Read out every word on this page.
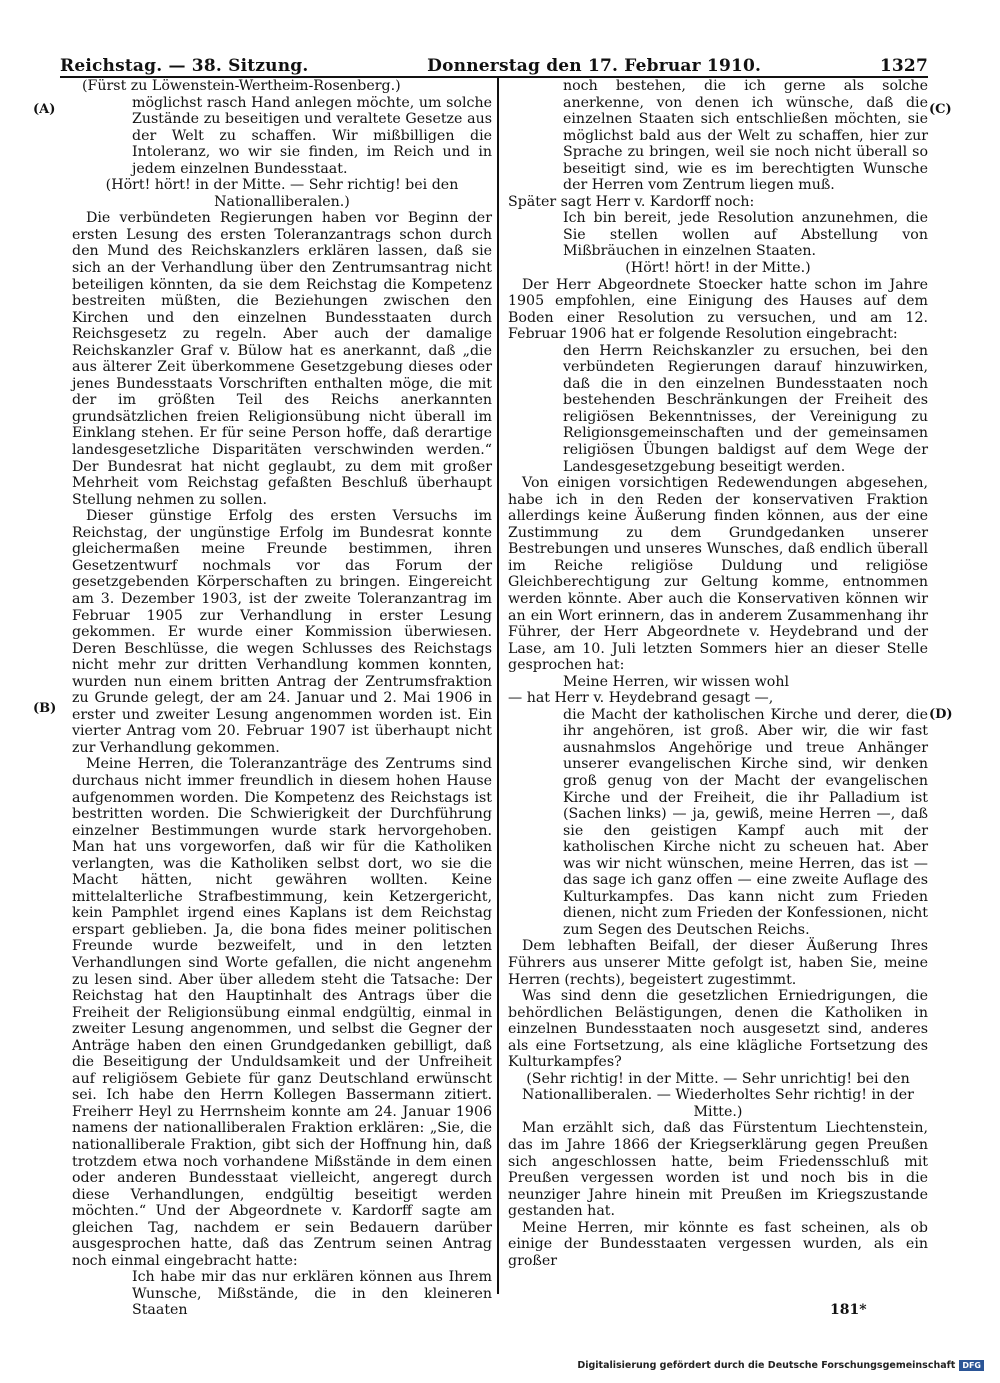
Reichstag. — 38. Sitzung.	Donnerstag den 17. Februar 1910.	1327
(A)
(B)
(C)
(D)

(Fürst zu Löwenstein-Wertheim-Rosenberg.)

möglichst rasch Hand anlegen möchte, um solche Zustände zu beseitigen und veraltete Gesetze aus der Welt zu schaffen. Wir mißbilligen die Intoleranz, wo wir sie finden, im Reich und in jedem einzelnen Bundesstaat.

(Hört! hört! in der Mitte. — Sehr richtig! bei den Nationalliberalen.)

Die verbündeten Regierungen haben vor Beginn der ersten Lesung des ersten Toleranzantrags schon durch den Mund des Reichskanzlers erklären lassen, daß sie sich an der Verhandlung über den Zentrumsantrag nicht beteiligen könnten, da sie dem Reichstag die Kompetenz bestreiten müßten, die Beziehungen zwischen den Kirchen und den einzelnen Bundesstaaten durch Reichsgesetz zu regeln. Aber auch der damalige Reichskanzler Graf v. Bülow hat es anerkannt, daß „die aus älterer Zeit überkommene Gesetzgebung dieses oder jenes Bundesstaats Vorschriften enthalten möge, die mit der im größten Teil des Reichs anerkannten grundsätzlichen freien Religionsübung nicht überall im Einklang stehen. Er für seine Person hoffe, daß derartige landesgesetzliche Disparitäten verschwinden werden.“ Der Bundesrat hat nicht geglaubt, zu dem mit großer Mehrheit vom Reichstag gefaßten Beschluß überhaupt Stellung nehmen zu sollen.

Dieser günstige Erfolg des ersten Versuchs im Reichstag, der ungünstige Erfolg im Bundesrat konnte gleichermaßen meine Freunde bestimmen, ihren Gesetzentwurf nochmals vor das Forum der gesetzgebenden Körperschaften zu bringen. Eingereicht am 3. Dezember 1903, ist der zweite Toleranzantrag im Februar 1905 zur Verhandlung in erster Lesung gekommen. Er wurde einer Kommission überwiesen. Deren Beschlüsse, die wegen Schlusses des Reichstags nicht mehr zur dritten Verhandlung kommen konnten, wurden nun einem britten Antrag der Zentrumsfraktion zu Grunde gelegt, der am 24. Januar und 2. Mai 1906 in erster und zweiter Lesung angenommen worden ist. Ein vierter Antrag vom 20. Februar 1907 ist überhaupt nicht zur Verhandlung gekommen.

Meine Herren, die Toleranzanträge des Zentrums sind durchaus nicht immer freundlich in diesem hohen Hause aufgenommen worden. Die Kompetenz des Reichstags ist bestritten worden. Die Schwierigkeit der Durchführung einzelner Bestimmungen wurde stark hervorgehoben. Man hat uns vorgeworfen, daß wir für die Katholiken verlangten, was die Katholiken selbst dort, wo sie die Macht hätten, nicht gewähren wollten. Keine mittelalterliche Strafbestimmung, kein Ketzergericht, kein Pamphlet irgend eines Kaplans ist dem Reichstag erspart geblieben. Ja, die bona fides meiner politischen Freunde wurde bezweifelt, und in den letzten Verhandlungen sind Worte gefallen, die nicht angenehm zu lesen sind. Aber über alledem steht die Tatsache: Der Reichstag hat den Hauptinhalt des Antrags über die Freiheit der Religionsübung einmal endgültig, einmal in zweiter Lesung angenommen, und selbst die Gegner der Anträge haben den einen Grundgedanken gebilligt, daß die Beseitigung der Unduldsamkeit und der Unfreiheit auf religiösem Gebiete für ganz Deutschland erwünscht sei. Ich habe den Herrn Kollegen Bassermann zitiert. Freiherr Heyl zu Herrnsheim konnte am 24. Januar 1906 namens der nationalliberalen Fraktion erklären: „Sie, die nationalliberale Fraktion, gibt sich der Hoffnung hin, daß trotzdem etwa noch vorhandene Mißstände in dem einen oder anderen Bundesstaat vielleicht, angeregt durch diese Verhandlungen, endgültig beseitigt werden möchten.“ Und der Abgeordnete v. Kardorff sagte am gleichen Tag, nachdem er sein Bedauern darüber ausgesprochen hatte, daß das Zentrum seinen Antrag noch einmal eingebracht hatte:

Ich habe mir das nur erklären können aus Ihrem Wunsche, Mißstände, die in den kleineren Staaten

noch bestehen, die ich gerne als solche anerkenne, von denen ich wünsche, daß die einzelnen Staaten sich entschließen möchten, sie möglichst bald aus der Welt zu schaffen, hier zur Sprache zu bringen, weil sie noch nicht überall so beseitigt sind, wie es im berechtigten Wunsche der Herren vom Zentrum liegen muß.

Später sagt Herr v. Kardorff noch:

Ich bin bereit, jede Resolution anzunehmen, die Sie stellen wollen auf Abstellung von Mißbräuchen in einzelnen Staaten.

(Hört! hört! in der Mitte.)

Der Herr Abgeordnete Stoecker hatte schon im Jahre 1905 empfohlen, eine Einigung des Hauses auf dem Boden einer Resolution zu versuchen, und am 12. Februar 1906 hat er folgende Resolution eingebracht:

den Herrn Reichskanzler zu ersuchen, bei den verbündeten Regierungen darauf hinzuwirken, daß die in den einzelnen Bundesstaaten noch bestehenden Beschränkungen der Freiheit des religiösen Bekenntnisses, der Vereinigung zu Religionsgemeinschaften und der gemeinsamen religiösen Übungen baldigst auf dem Wege der Landesgesetzgebung beseitigt werden.

Von einigen vorsichtigen Redewendungen abgesehen, habe ich in den Reden der konservativen Fraktion allerdings keine Äußerung finden können, aus der eine Zustimmung zu dem Grundgedanken unserer Bestrebungen und unseres Wunsches, daß endlich überall im Reiche religiöse Duldung und religiöse Gleichberechtigung zur Geltung komme, entnommen werden könnte. Aber auch die Konservativen können wir an ein Wort erinnern, das in anderem Zusammenhang ihr Führer, der Herr Abgeordnete v. Heydebrand und der Lase, am 10. Juli letzten Sommers hier an dieser Stelle gesprochen hat:

Meine Herren, wir wissen wohl

— hat Herr v. Heydebrand gesagt —,

die Macht der katholischen Kirche und derer, die ihr angehören, ist groß. Aber wir, die wir fast ausnahmslos Angehörige und treue Anhänger unserer evangelischen Kirche sind, wir denken groß genug von der Macht der evangelischen Kirche und der Freiheit, die ihr Palladium ist (Sachen links) — ja, gewiß, meine Herren —, daß sie den geistigen Kampf auch mit der katholischen Kirche nicht zu scheuen hat. Aber was wir nicht wünschen, meine Herren, das ist — das sage ich ganz offen — eine zweite Auflage des Kulturkampfes. Das kann nicht zum Frieden dienen, nicht zum Frieden der Konfessionen, nicht zum Segen des Deutschen Reichs.

Dem lebhaften Beifall, der dieser Äußerung Ihres Führers aus unserer Mitte gefolgt ist, haben Sie, meine Herren (rechts), begeistert zugestimmt.

Was sind denn die gesetzlichen Erniedrigungen, die behördlichen Belästigungen, denen die Katholiken in einzelnen Bundesstaaten noch ausgesetzt sind, anderes als eine Fortsetzung, als eine klägliche Fortsetzung des Kulturkampfes?

(Sehr richtig! in der Mitte. — Sehr unrichtig! bei den Nationalliberalen. — Wiederholtes Sehr richtig! in der Mitte.)

Man erzählt sich, daß das Fürstentum Liechtenstein, das im Jahre 1866 der Kriegserklärung gegen Preußen sich angeschlossen hatte, beim Friedensschluß mit Preußen vergessen worden ist und noch bis in die neunziger Jahre hinein mit Preußen im Kriegszustande gestanden hat.

Meine Herren, mir könnte es fast scheinen, als ob einige der Bundesstaaten vergessen wurden, als ein großer

181*
Digitalisierung gefördert durch die Deutsche Forschungsgemeinschaft DFG
